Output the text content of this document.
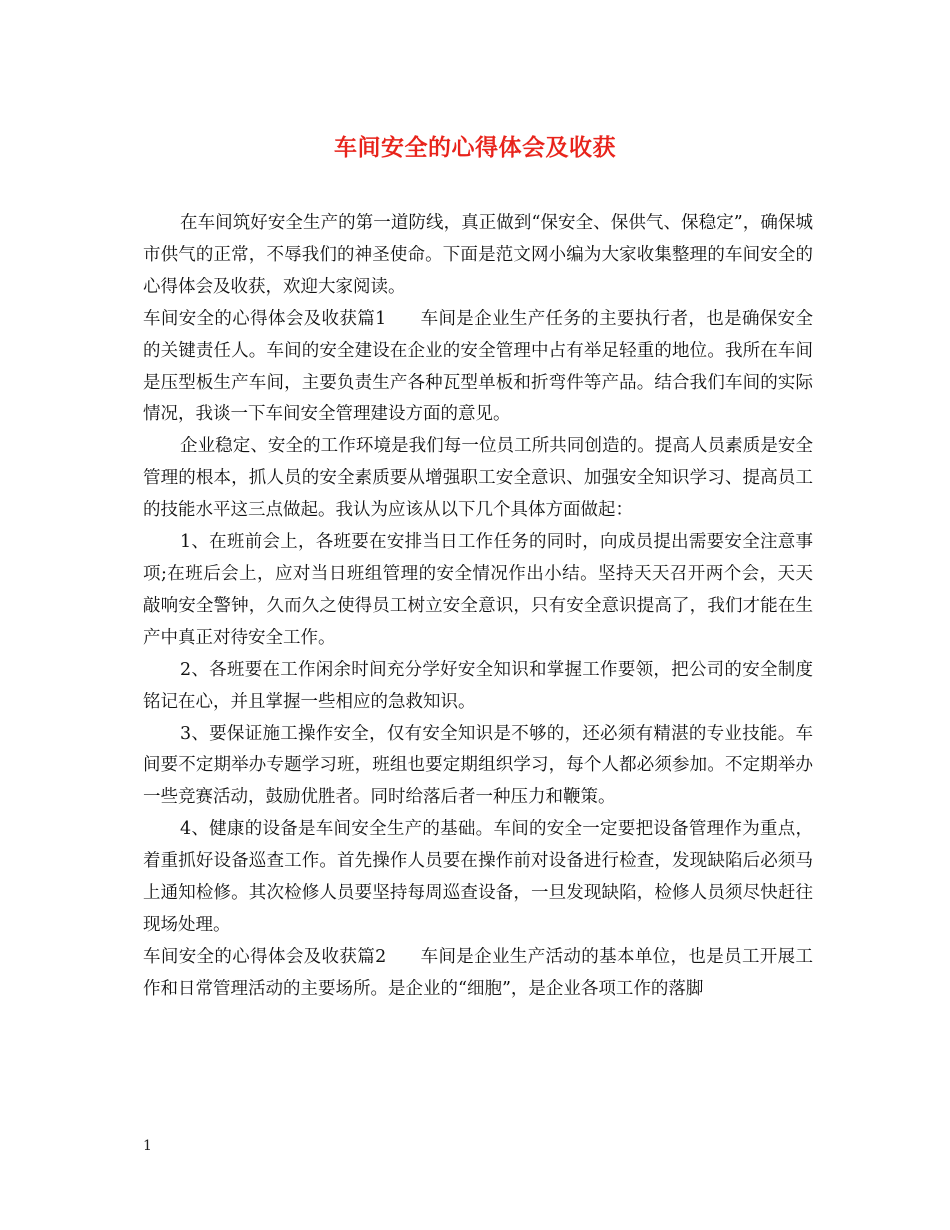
车间安全的心得体会及收获

在车间筑好安全生产的第一道防线，真正做到“保安全、保供气、保稳定”，确保城市供气的正常，不辱我们的神圣使命。下面是范文网小编为大家收集整理的车间安全的心得体会及收获，欢迎大家阅读。

车间安全的心得体会及收获篇1 车间是企业生产任务的主要执行者，也是确保安全的关键责任人。车间的安全建设在企业的安全管理中占有举足轻重的地位。我所在车间是压型板生产车间，主要负责生产各种瓦型单板和折弯件等产品。结合我们车间的实际情况，我谈一下车间安全管理建设方面的意见。

企业稳定、安全的工作环境是我们每一位员工所共同创造的。提高人员素质是安全管理的根本，抓人员的安全素质要从增强职工安全意识、加强安全知识学习、提高员工的技能水平这三点做起。我认为应该从以下几个具体方面做起：

1、在班前会上，各班要在安排当日工作任务的同时，向成员提出需要安全注意事项;在班后会上，应对当日班组管理的安全情况作出小结。坚持天天召开两个会，天天敲响安全警钟，久而久之使得员工树立安全意识，只有安全意识提高了，我们才能在生产中真正对待安全工作。

2、各班要在工作闲余时间充分学好安全知识和掌握工作要领，把公司的安全制度铭记在心，并且掌握一些相应的急救知识。

3、要保证施工操作安全，仅有安全知识是不够的，还必须有精湛的专业技能。车间要不定期举办专题学习班，班组也要定期组织学习，每个人都必须参加。不定期举办一些竞赛活动，鼓励优胜者。同时给落后者一种压力和鞭策。

4、健康的设备是车间安全生产的基础。车间的安全一定要把设备管理作为重点，着重抓好设备巡查工作。首先操作人员要在操作前对设备进行检查，发现缺陷后必须马上通知检修。其次检修人员要坚持每周巡查设备，一旦发现缺陷，检修人员须尽快赶往现场处理。

车间安全的心得体会及收获篇2 车间是企业生产活动的基本单位，也是员工开展工作和日常管理活动的主要场所。是企业的“细胞”，是企业各项工作的落脚

1
